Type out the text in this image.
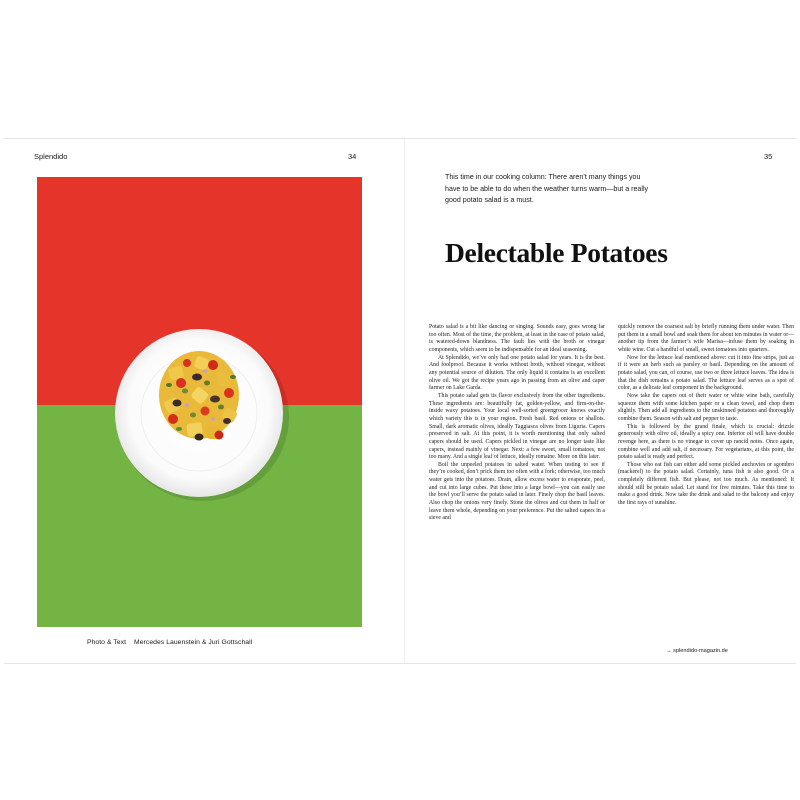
Splendido	34
Photo & Text Mercedes Lauenstein & Juri Gottschall
35
This time in our cooking column: There aren’t many things you have to be able to do when the weather turns warm—but a really good potato salad is a must.
Delectable Potatoes

Potato salad is a bit like dancing or singing. Sounds easy, goes wrong far too often. Most of the time, the problem, at least in the case of potato salad, is watered-down blandness. The fault lies with the broth or vinegar components, which seem to be indispensable for an ideal seasoning.

At Splendido, we’ve only had one potato salad for years. It is the best. And foolproof. Because it works without broth, without vinegar, without any potential source of dilution. The only liquid it contains is an excellent olive oil. We got the recipe years ago in passing from an olive and caper farmer on Lake Garda.

This potato salad gets its flavor exclusively from the other ingredients. These ingredients are: beautifully fat, golden-yellow, and firm-on-the-inside waxy potatoes. Your local well-sorted greengrocer knows exactly which variety this is in your region. Fresh basil. Red onions or shallots. Small, dark aromatic olives, ideally Taggiasca olives from Liguria. Capers preserved in salt. At this point, it is worth mentioning that only salted capers should be used. Capers pickled in vinegar are no longer taste like capers, instead mainly of vinegar. Next: a few sweet, small tomatoes, not too many. And a single leaf of lettuce, ideally romaine. More on this later.

Boil the unpeeled potatoes in salted water. When testing to see if they’re cooked, don’t prick them too often with a fork; otherwise, too much water gets into the potatoes. Drain, allow excess water to evaporate, peel, and cut into large cubes. Put these into a large bowl—you can easily use the bowl you’ll serve the potato salad in later. Finely chop the basil leaves. Also chop the onions very finely. Stone the olives and cut them in half or leave them whole, depending on your preference. Put the salted capers in a sieve and

quickly remove the coarsest salt by briefly running them under water. Then put them in a small bowl and soak them for about ten minutes in water or—another tip from the farmer’s wife Marisa—infuse them by soaking in white wine. Cut a handful of small, sweet tomatoes into quarters.

Now for the lettuce leaf mentioned above: cut it into fine strips, just as if it were an herb such as parsley or basil. Depending on the amount of potato salad, you can, of course, use two or three lettuce leaves. The idea is that the dish remains a potato salad. The lettuce leaf serves as a spot of color, as a delicate leaf component in the background.

Now take the capers out of their water or white wine bath, carefully squeeze them with some kitchen paper or a clean towel, and chop them slightly. Then add all ingredients to the unskinned potatoes and thoroughly combine them. Season with salt and pepper to taste.

This is followed by the grand finale, which is crucial: drizzle generously with olive oil, ideally a spicy one. Inferior oil will have double revenge here, as there is no vinegar to cover up rancid notes. Once again, combine well and add salt, if necessary. For vegetarians, at this point, the potato salad is ready and perfect.

Those who eat fish can either add some pickled anchovies or sgombro (mackerel) to the potato salad. Certainly, tuna fish is also good. Or a completely different fish. But please, not too much. As mentioned: It should still be potato salad. Let stand for five minutes. Take this time to make a good drink. Now take the drink and salad to the balcony and enjoy the first rays of sunshine.

→ splendido-magazin.de
